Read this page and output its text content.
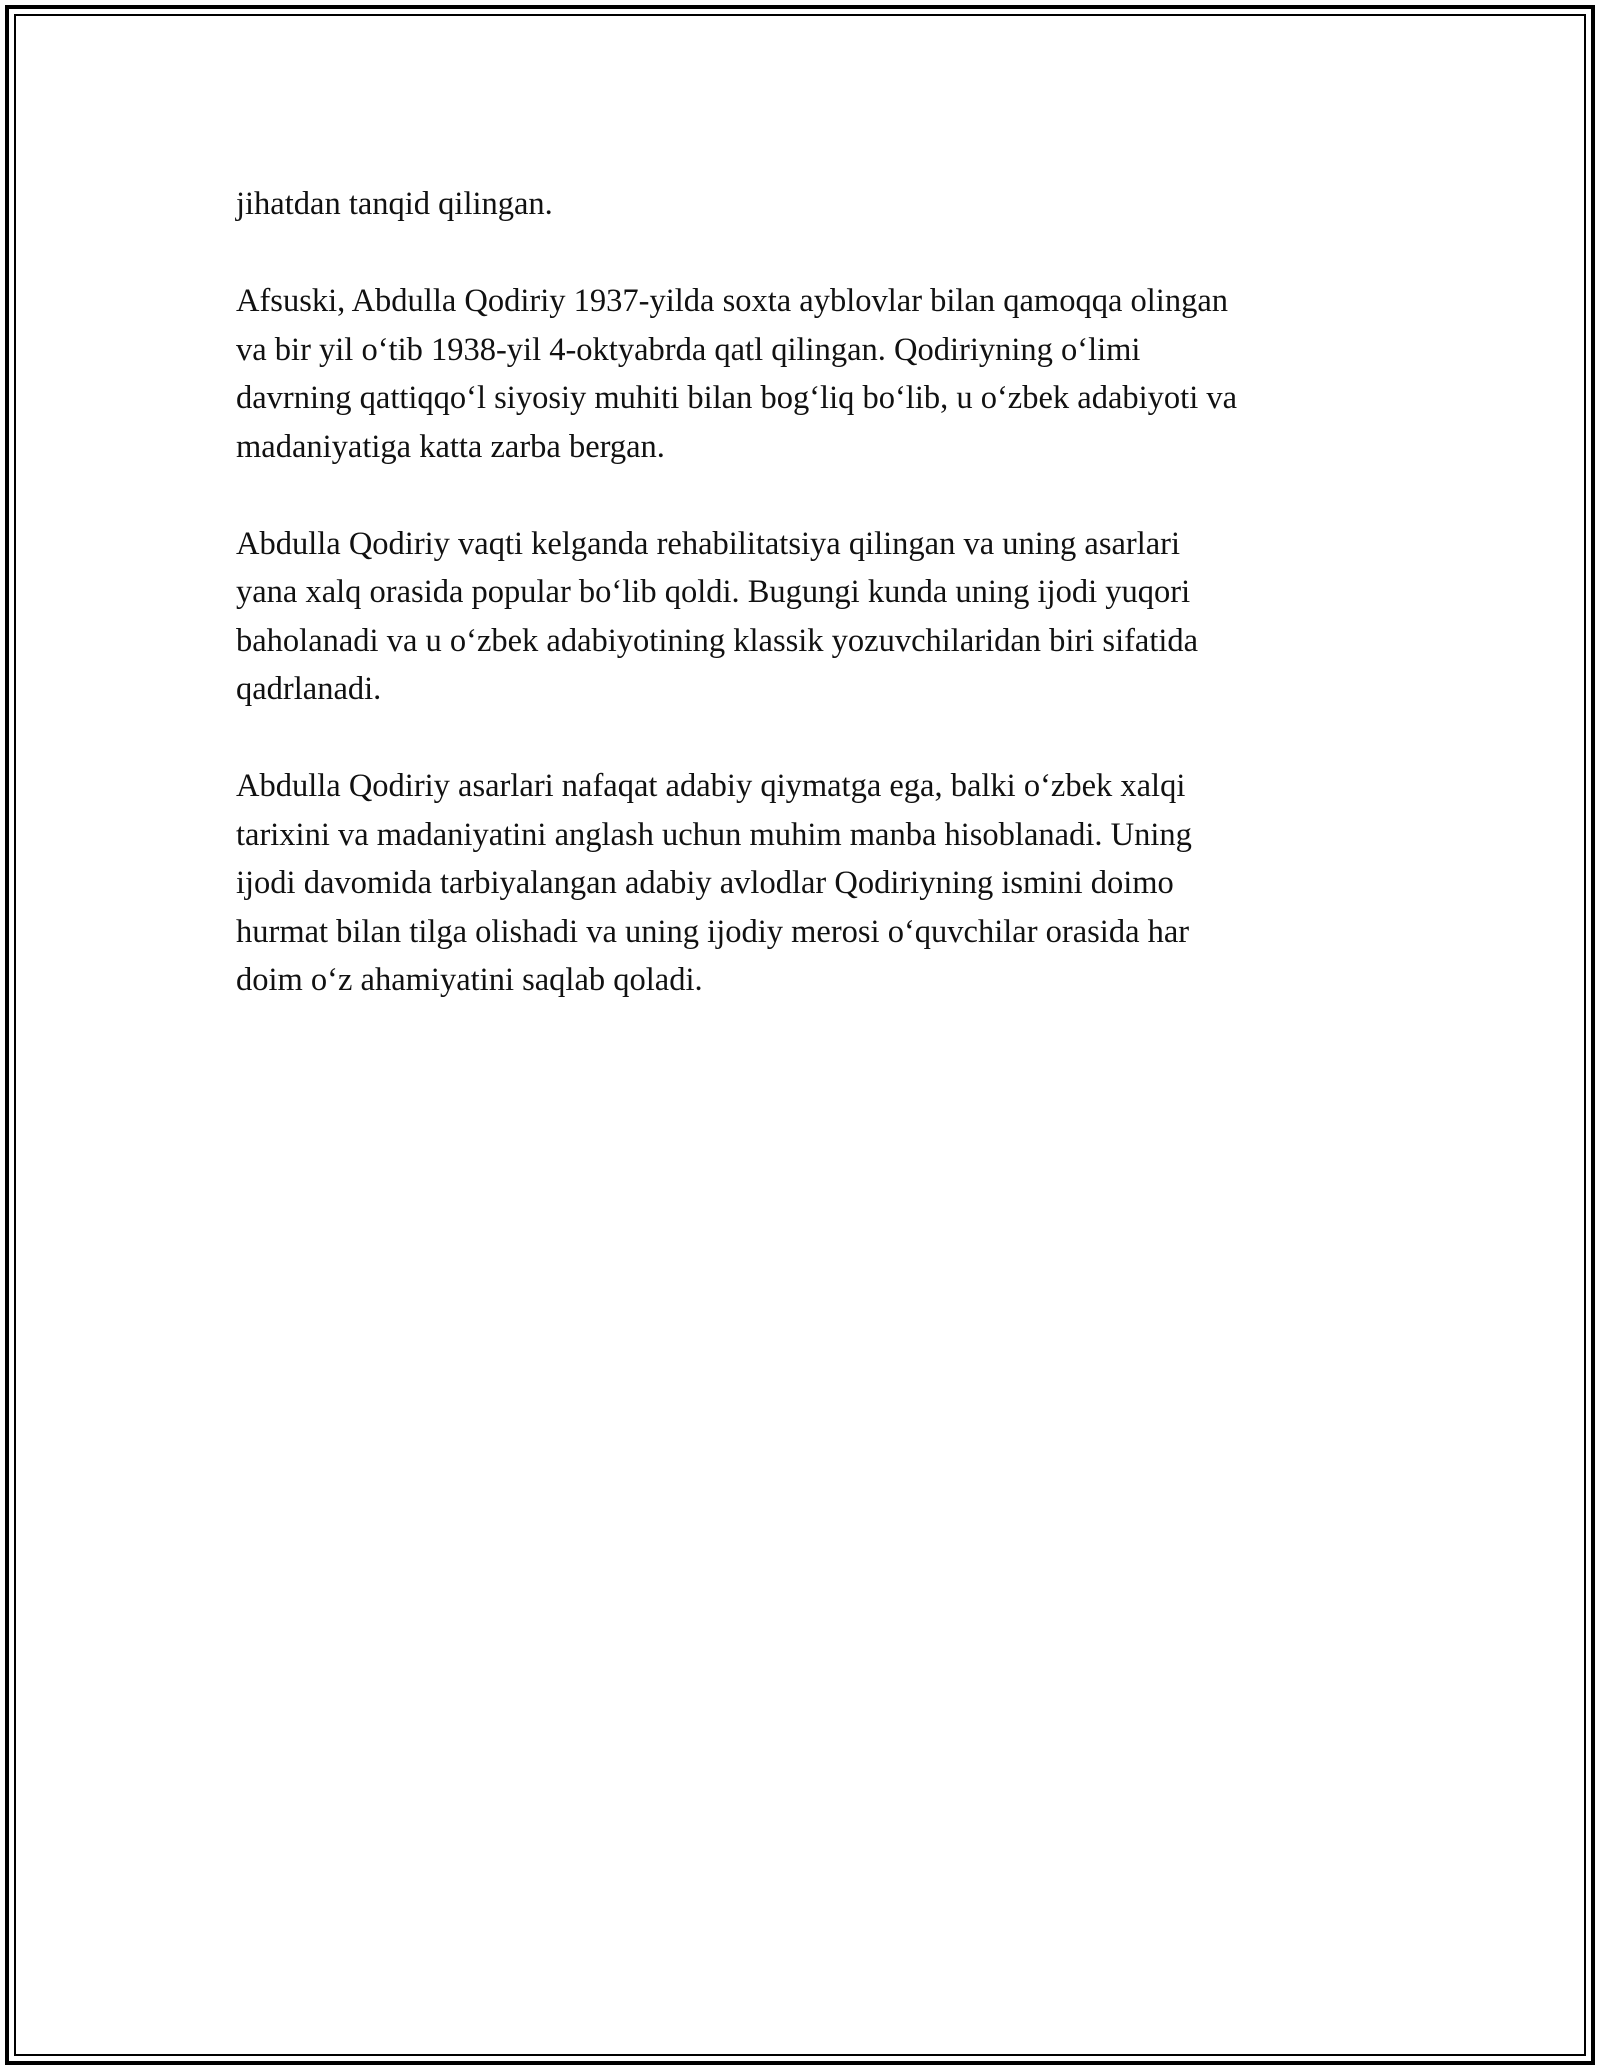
jihatdan tanqid qilingan.

Afsuski, Abdulla Qodiriy 1937-yilda soxta ayblovlar bilan qamoqqa olingan
va bir yil o‘tib 1938-yil 4-oktyabrda qatl qilingan. Qodiriyning o‘limi
davrning qattiqqo‘l siyosiy muhiti bilan bog‘liq bo‘lib, u o‘zbek adabiyoti va
madaniyatiga katta zarba bergan.

Abdulla Qodiriy vaqti kelganda rehabilitatsiya qilingan va uning asarlari
yana xalq orasida popular bo‘lib qoldi. Bugungi kunda uning ijodi yuqori
baholanadi va u o‘zbek adabiyotining klassik yozuvchilaridan biri sifatida
qadrlanadi.

Abdulla Qodiriy asarlari nafaqat adabiy qiymatga ega, balki o‘zbek xalqi
tarixini va madaniyatini anglash uchun muhim manba hisoblanadi. Uning
ijodi davomida tarbiyalangan adabiy avlodlar Qodiriyning ismini doimo
hurmat bilan tilga olishadi va uning ijodiy merosi o‘quvchilar orasida har
doim o‘z ahamiyatini saqlab qoladi.
